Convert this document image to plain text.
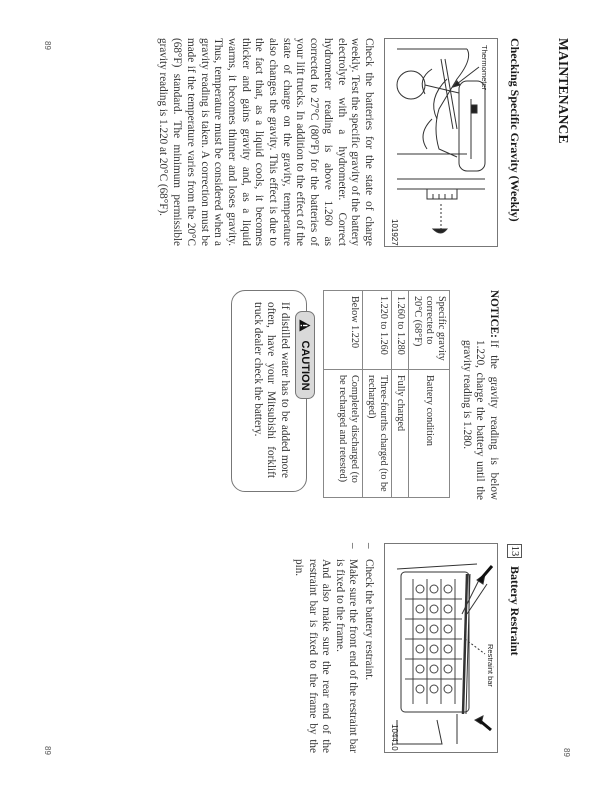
MAINTENANCE
89
Checking Specific Gravity (Weekly)
Thermometer
101927
Check the batteries for the state of charge weekly. Test the specific gravity of the battery electrolyte with a hydrometer. Correct hydrometer reading is above 1.260 as corrected to 27°C (80°F) for the batteries of your lift trucks. In addition to the effect of the state of charge on the gravity, temperature also changes the gravity. This effect is due to the fact that, as a liquid cools, it becomes thicker and gains gravity and, as a liquid warms, it becomes thinner and loses gravity. Thus, temperature must be considered when a gravity reading is taken. A correction must be made if the temperature varies from the 20°C (68°F) standard. The minimum permissible gravity reading is 1.220 at 20°C (68°F).
89
NOTICE:
If the gravity reading is below 1.220, charge the battery until the gravity reading is 1.280.
Specific gravity corrected to 20°C (68°F)	Battery condition
1.260 to 1.280	Fully charged
1.220 to 1.260	Three-fourths charged (to be recharged)
Below 1.220	Completely discharged (to be recharged and retested)
CAUTION
If distilled water has to be added more often, have your Mitsubishi forklift truck dealer check the battery.
13
Battery Restraint
Restraint bar
104410
–
Check the battery restraint.
–
Make sure the front end of the restraint bar is fixed to the frame.
And also make sure the rear end of the restraint bar is fixed to the frame by the pin.
89
